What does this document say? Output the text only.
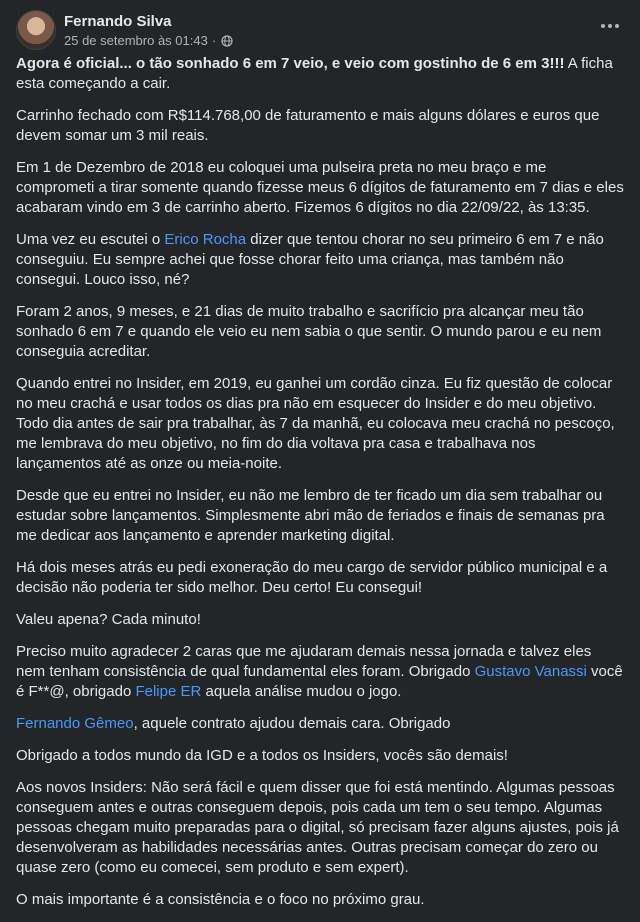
Fernando Silva
25 de setembro às 01:43 ·

Agora é oficial... o tão sonhado 6 em 7 veio, e veio com gostinho de 6 em 3!!! A ficha esta começando a cair.

Carrinho fechado com R$114.768,00 de faturamento e mais alguns dólares e euros que devem somar um 3 mil reais.

Em 1 de Dezembro de 2018 eu coloquei uma pulseira preta no meu braço e me comprometi a tirar somente quando fizesse meus 6 dígitos de faturamento em 7 dias e eles acabaram vindo em 3 de carrinho aberto. Fizemos 6 dígitos no dia 22/09/22, às 13:35.

Uma vez eu escutei o Erico Rocha dizer que tentou chorar no seu primeiro 6 em 7 e não conseguiu. Eu sempre achei que fosse chorar feito uma criança, mas também não consegui. Louco isso, né?

Foram 2 anos, 9 meses, e 21 dias de muito trabalho e sacrifício pra alcançar meu tão sonhado 6 em 7 e quando ele veio eu nem sabia o que sentir. O mundo parou e eu nem conseguia acreditar.

Quando entrei no Insider, em 2019, eu ganhei um cordão cinza. Eu fiz questão de colocar no meu crachá e usar todos os dias pra não em esquecer do Insider e do meu objetivo. Todo dia antes de sair pra trabalhar, às 7 da manhã, eu colocava meu crachá no pescoço, me lembrava do meu objetivo, no fim do dia voltava pra casa e trabalhava nos lançamentos até as onze ou meia-noite.

Desde que eu entrei no Insider, eu não me lembro de ter ficado um dia sem trabalhar ou estudar sobre lançamentos. Simplesmente abri mão de feriados e finais de semanas pra me dedicar aos lançamento e aprender marketing digital.

Há dois meses atrás eu pedi exoneração do meu cargo de servidor público municipal e a decisão não poderia ter sido melhor. Deu certo! Eu consegui!

Valeu apena? Cada minuto!

Preciso muito agradecer 2 caras que me ajudaram demais nessa jornada e talvez eles nem tenham consistência de qual fundamental eles foram. Obrigado Gustavo Vanassi você é F**@, obrigado Felipe ER aquela análise mudou o jogo.

Fernando Gêmeo, aquele contrato ajudou demais cara. Obrigado

Obrigado a todos mundo da IGD e a todos os Insiders, vocês são demais!

Aos novos Insiders: Não será fácil e quem disser que foi está mentindo. Algumas pessoas conseguem antes e outras conseguem depois, pois cada um tem o seu tempo. Algumas pessoas chegam muito preparadas para o digital, só precisam fazer alguns ajustes, pois já desenvolveram as habilidades necessárias antes. Outras precisam começar do zero ou quase zero (como eu comecei, sem produto e sem expert).

O mais importante é a consistência e o foco no próximo grau.
